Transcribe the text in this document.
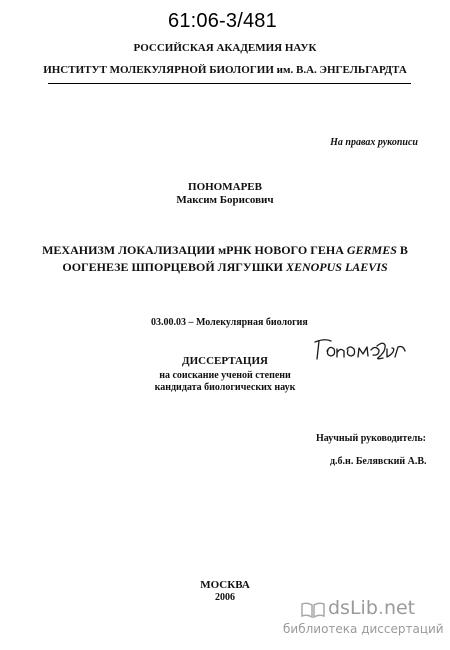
61:06-3/481
РОССИЙСКАЯ АКАДЕМИЯ НАУК
ИНСТИТУТ МОЛЕКУЛЯРНОЙ БИОЛОГИИ им. В.А. ЭНГЕЛЬГАРДТА
На правах рукописи
ПОНОМАРЕВ
Максим Борисович
МЕХАНИЗМ ЛОКАЛИЗАЦИИ мРНК НОВОГО ГЕНА GERMES В
ООГЕНЕЗЕ ШПОРЦЕВОЙ ЛЯГУШКИ XENOPUS LAEVIS
03.00.03 – Молекулярная биология
ДИССЕРТАЦИЯ
на соискание ученой степени
кандидата биологических наук
Научный руководитель:
д.б.н. Белявский А.В.
МОСКВА
2006	dsLib.net
библиотека диссертаций
